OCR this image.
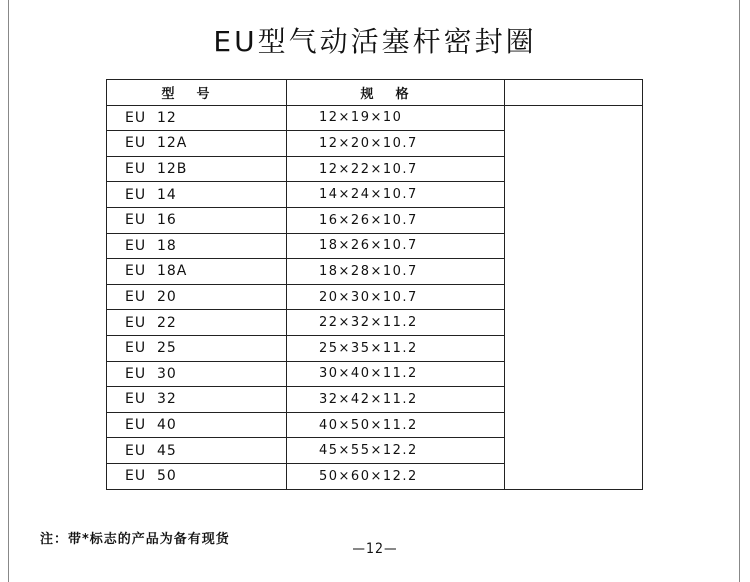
EU型气动活塞杆密封圈
型号	规格	
EU  12	12×19×10	
EU  12A	12×20×10.7	
EU  12B	12×22×10.7	
EU  14	14×24×10.7	
EU  16	16×26×10.7	
EU  18	18×26×10.7	
EU  18A	18×28×10.7	
EU  20	20×30×10.7	
EU  22	22×32×11.2	
EU  25	25×35×11.2	
EU  30	30×40×11.2	
EU  32	32×42×11.2	
EU  40	40×50×11.2	
EU  45	45×55×12.2	
EU  50	50×60×12.2	
注：带*标志的产品为备有现货
—12—
